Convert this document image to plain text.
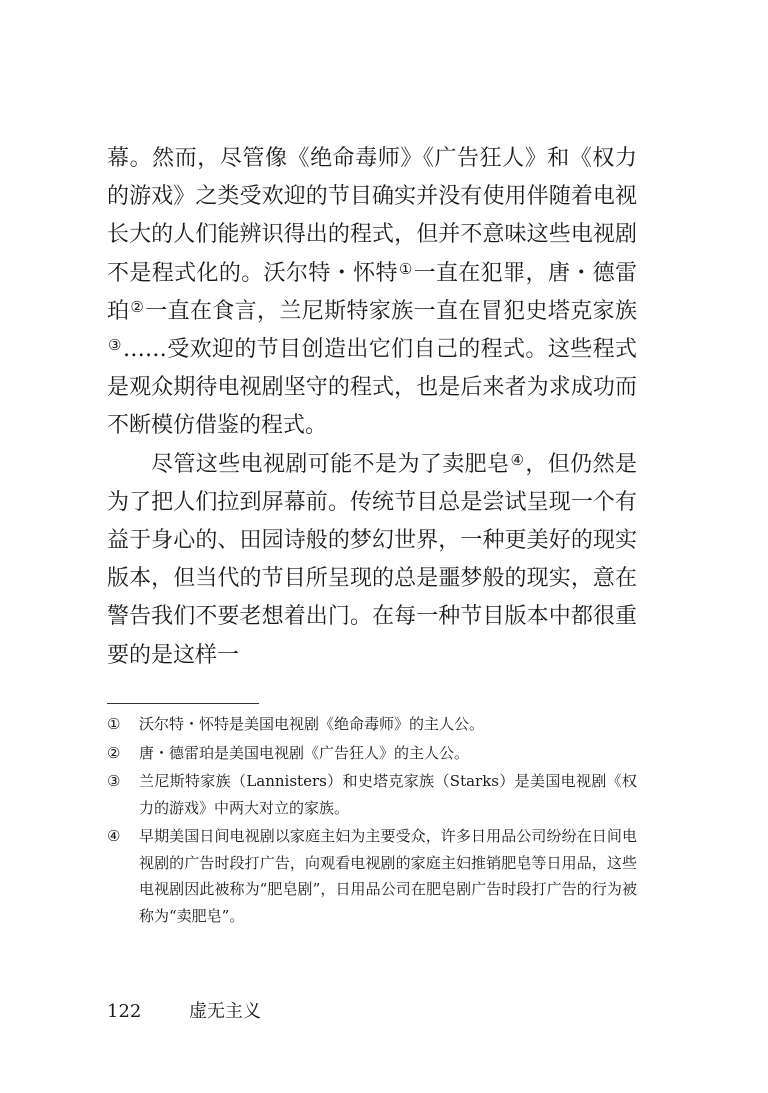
幕。然而，尽管像《绝命毒师》《广告狂人》和《权力的游戏》之类受欢迎的节目确实并没有使用伴随着电视长大的人们能辨识得出的程式，但并不意味这些电视剧不是程式化的。沃尔特・怀特①一直在犯罪，唐・德雷珀②一直在食言，兰尼斯特家族一直在冒犯史塔克家族③……受欢迎的节目创造出它们自己的程式。这些程式是观众期待电视剧坚守的程式，也是后来者为求成功而不断模仿借鉴的程式。

尽管这些电视剧可能不是为了卖肥皂④，但仍然是为了把人们拉到屏幕前。传统节目总是尝试呈现一个有益于身心的、田园诗般的梦幻世界，一种更美好的现实版本，但当代的节目所呈现的总是噩梦般的现实，意在警告我们不要老想着出门。在每一种节目版本中都很重要的是这样一

①	沃尔特・怀特是美国电视剧《绝命毒师》的主人公。
②	唐・德雷珀是美国电视剧《广告狂人》的主人公。
③	兰尼斯特家族（Lannisters）和史塔克家族（Starks）是美国电视剧《权力的游戏》中两大对立的家族。
④	早期美国日间电视剧以家庭主妇为主要受众，许多日用品公司纷纷在日间电视剧的广告时段打广告，向观看电视剧的家庭主妇推销肥皂等日用品，这些电视剧因此被称为“肥皂剧”，日用品公司在肥皂剧广告时段打广告的行为被称为“卖肥皂”。
122	虚无主义
